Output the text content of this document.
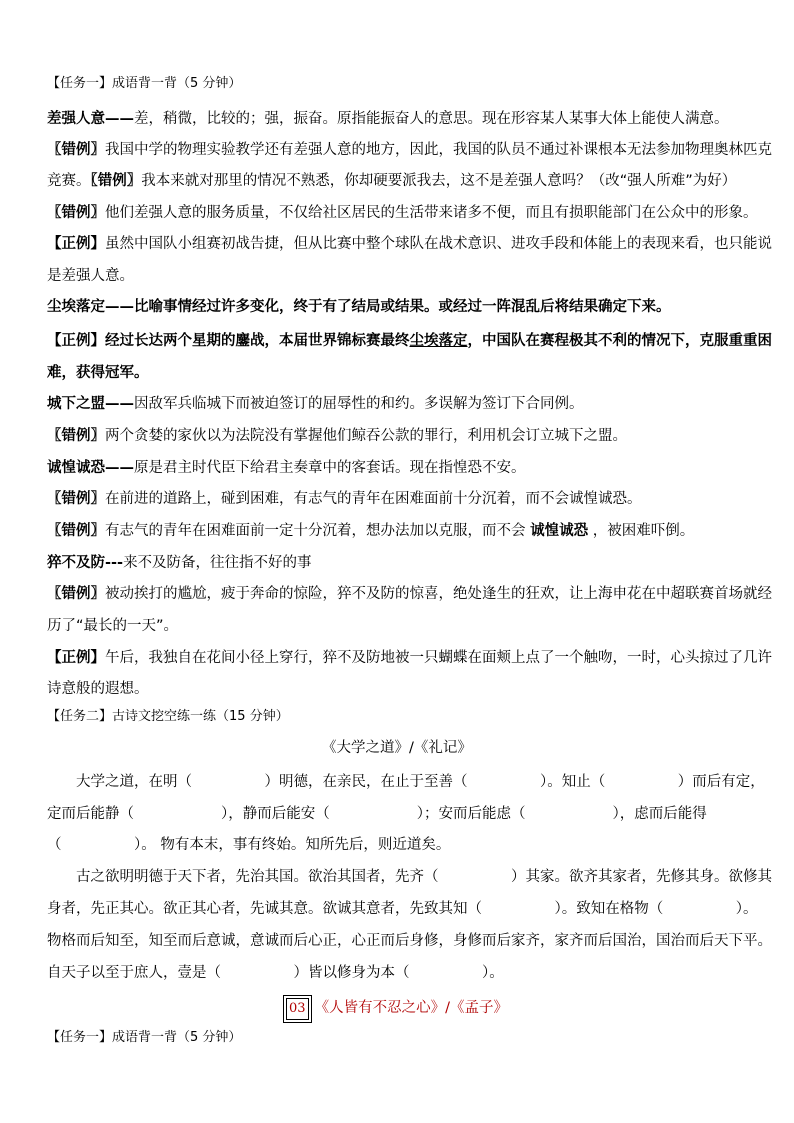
【任务一】成语背一背（5 分钟）
差强人意——差，稍微，比较的；强，振奋。原指能振奋人的意思。现在形容某人某事大体上能使人满意。
〖错例〗我国中学的物理实验教学还有差强人意的地方，因此，我国的队员不通过补课根本无法参加物理奥林匹克
竞赛。〖错例〗我本来就对那里的情况不熟悉，你却硬要派我去，这不是差强人意吗？（改“强人所难”为好）
〖错例〗他们差强人意的服务质量，不仅给社区居民的生活带来诸多不便，而且有损职能部门在公众中的形象。
【正例】虽然中国队小组赛初战告捷，但从比赛中整个球队在战术意识、进攻手段和体能上的表现来看，也只能说
是差强人意。
尘埃落定——比喻事情经过许多变化，终于有了结局或结果。或经过一阵混乱后将结果确定下来。
【正例】经过长达两个星期的鏖战，本届世界锦标赛最终尘埃落定，中国队在赛程极其不利的情况下，克服重重困
难，获得冠军。
城下之盟——因敌军兵临城下而被迫签订的屈辱性的和约。多误解为签订下合同例。
〖错例〗两个贪婪的家伙以为法院没有掌握他们鲸吞公款的罪行，利用机会订立城下之盟。
诚惶诚恐——原是君主时代臣下给君主奏章中的客套话。现在指惶恐不安。
〖错例〗在前进的道路上，碰到困难，有志气的青年在困难面前十分沉着，而不会诚惶诚恐。
〖错例〗有志气的青年在困难面前一定十分沉着，想办法加以克服，而不会 诚惶诚恐 ，被困难吓倒。
猝不及防---来不及防备，往往指不好的事
〖错例〗被动挨打的尴尬，疲于奔命的惊险，猝不及防的惊喜，绝处逢生的狂欢，让上海申花在中超联赛首场就经
历了“最长的一天”。
【正例】午后，我独自在花间小径上穿行，猝不及防地被一只蝴蝶在面颊上点了一个触吻，一时，心头掠过了几许
诗意般的遐想。
【任务二】古诗文挖空练一练（15 分钟）
《大学之道》/《礼记》
大学之道，在明（　　　　　）明德，在亲民，在止于至善（　　　　　）。知止（　　　　　）而后有定，
定而后能静（　　　　　　），静而后能安（　　　　　　）；安而后能虑（　　　　　　），虑而后能得
（　　　　　）。 物有本末，事有终始。知所先后，则近道矣。
古之欲明明德于天下者，先治其国。欲治其国者，先齐（　　　　　）其家。欲齐其家者，先修其身。欲修其
身者，先正其心。欲正其心者，先诚其意。欲诚其意者，先致其知（　　　　　）。致知在格物（　　　　　）。
物格而后知至，知至而后意诚，意诚而后心正，心正而后身修，身修而后家齐，家齐而后国治，国治而后天下平。
自天子以至于庶人，壹是（　　　　　）皆以修身为本（　　　　　）。
03 《人皆有不忍之心》/《孟子》
【任务一】成语背一背（5 分钟）
